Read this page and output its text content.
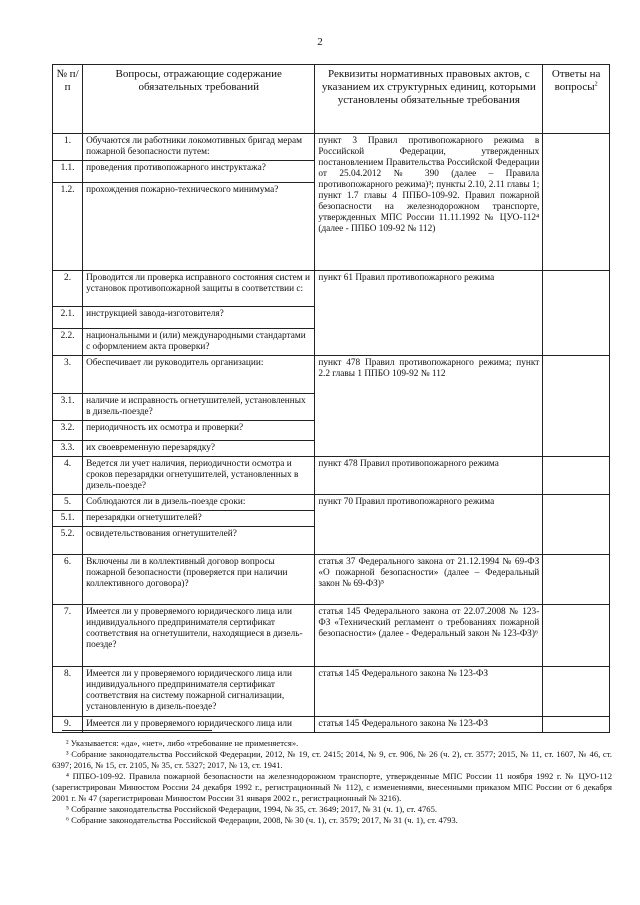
2
№ п/п	Вопросы, отражающие содержание обязательных требований	Реквизиты нормативных правовых актов, с указанием их структурных единиц, которыми установлены обязательные требования	Ответы на вопросы$^2$
1.	Обучаются ли работники локомотивных бригад мерам пожарной безопасности путем:	пункт 3 Правил противопожарного режима в Российской Федерации, утвержденных постановлением Правительства Российской Федерации от 25.04.2012 № 390 (далее – Правила противопожарного режима)³; пункты 2.10, 2.11 главы 1; пункт 1.7 главы 4 ППБО-109-92. Правил пожарной безопасности на железнодорожном транспорте, утвержденных МПС России 11.11.1992 № ЦУО-112⁴ (далее - ППБО 109-92 № 112)	
1.1.	проведения противопожарного инструктажа?		
1.2.	прохождения пожарно-технического минимума?		
2.	Проводится ли проверка исправного состояния систем и установок противопожарной защиты в соответствии с:	пункт 61 Правил противопожарного режима	
2.1.	инструкцией завода-изготовителя?		
2.2.	национальными и (или) международными стандартами с оформлением акта проверки?		
3.	Обеспечивает ли руководитель организации:	пункт 478 Правил противопожарного режима; пункт 2.2 главы 1 ППБО 109-92 № 112	
3.1.	наличие и исправность огнетушителей, установленных в дизель-поезде?		
3.2.	периодичность их осмотра и проверки?		
3.3.	их своевременную перезарядку?		
4.	Ведется ли учет наличия, периодичности осмотра и сроков перезарядки огнетушителей, установленных в дизель-поезде?	пункт 478 Правил противопожарного режима	
5.	Соблюдаются ли в дизель-поезде сроки:	пункт 70 Правил противопожарного режима	
5.1.	перезарядки огнетушителей?		
5.2.	освидетельствования огнетушителей?		
6.	Включены ли в коллективный договор вопросы пожарной безопасности (проверяется при наличии коллективного договора)?	статья 37 Федерального закона от 21.12.1994 № 69-ФЗ «О пожарной безопасности» (далее – Федеральный закон № 69-ФЗ)⁵	
7.	Имеется ли у проверяемого юридического лица или индивидуального предпринимателя сертификат соответствия на огнетушители, находящиеся в дизель-поезде?	статья 145 Федерального закона от 22.07.2008 № 123-ФЗ «Технический регламент о требованиях пожарной безопасности» (далее - Федеральный закон № 123-ФЗ)⁶	
8.	Имеется ли у проверяемого юридического лица или индивидуального предпринимателя сертификат соответствия на систему пожарной сигнализации, установленную в дизель-поезде?	статья 145 Федерального закона № 123-ФЗ	
9.	Имеется ли у проверяемого юридического лица или	статья 145 Федерального закона № 123-ФЗ	

² Указывается: «да», «нет», либо «требование не применяется».

³ Собрание законодательства Российской Федерации, 2012, № 19, ст. 2415; 2014, № 9, ст. 906, № 26 (ч. 2), ст. 3577; 2015, № 11, ст. 1607, № 46, ст. 6397; 2016, № 15, ст. 2105, № 35, ст. 5327; 2017, № 13, ст. 1941.

⁴ ППБО-109-92. Правила пожарной безопасности на железнодорожном транспорте, утвержденные МПС России 11 ноября 1992 г. № ЦУО-112 (зарегистрирован Минюстом России 24 декабря 1992 г., регистрационный № 112), с изменениями, внесенными приказом МПС России от 6 декабря 2001 г. № 47 (зарегистрирован Минюстом России 31 января 2002 г., регистрационный № 3216).

⁵ Собрание законодательства Российской Федерации, 1994, № 35, ст. 3649; 2017, № 31 (ч. 1), ст. 4765.

⁶ Собрание законодательства Российской Федерации, 2008, № 30 (ч. 1), ст. 3579; 2017, № 31 (ч. 1), ст. 4793.
